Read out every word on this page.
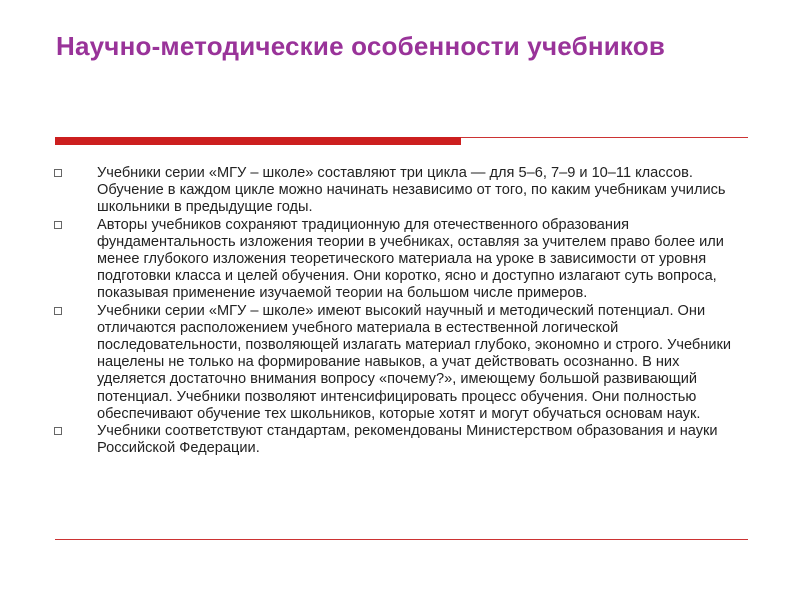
Научно-методические особенности учебников
Учебники серии «МГУ – школе» составляют три цикла — для 5–6, 7–9 и 10–11 классов. Обучение в каждом цикле можно начинать независимо от того, по каким учебникам учились школьники в предыдущие годы.
Авторы учебников сохраняют традиционную для отечественного образования фундаментальность изложения теории в учебниках, оставляя за учителем право более или менее глубокого изложения теоретического материала на уроке в зависимости от уровня подготовки класса и целей обучения. Они коротко, ясно и доступно излагают суть вопроса, показывая применение изучаемой теории на большом числе примеров.
Учебники серии «МГУ – школе» имеют высокий научный и методический потенциал. Они отличаются расположением учебного материала в естественной логической последовательности, позволяющей излагать материал глубоко, экономно и строго. Учебники нацелены не только на формирование навыков, а учат действовать осознанно. В них уделяется достаточно внимания вопросу «почему?», имеющему большой развивающий потенциал. Учебники позволяют интенсифицировать процесс обучения. Они полностью обеспечивают обучение тех школьников, которые хотят и могут обучаться основам наук.
Учебники соответствуют стандартам, рекомендованы Министерством образования и науки Российской Федерации.
